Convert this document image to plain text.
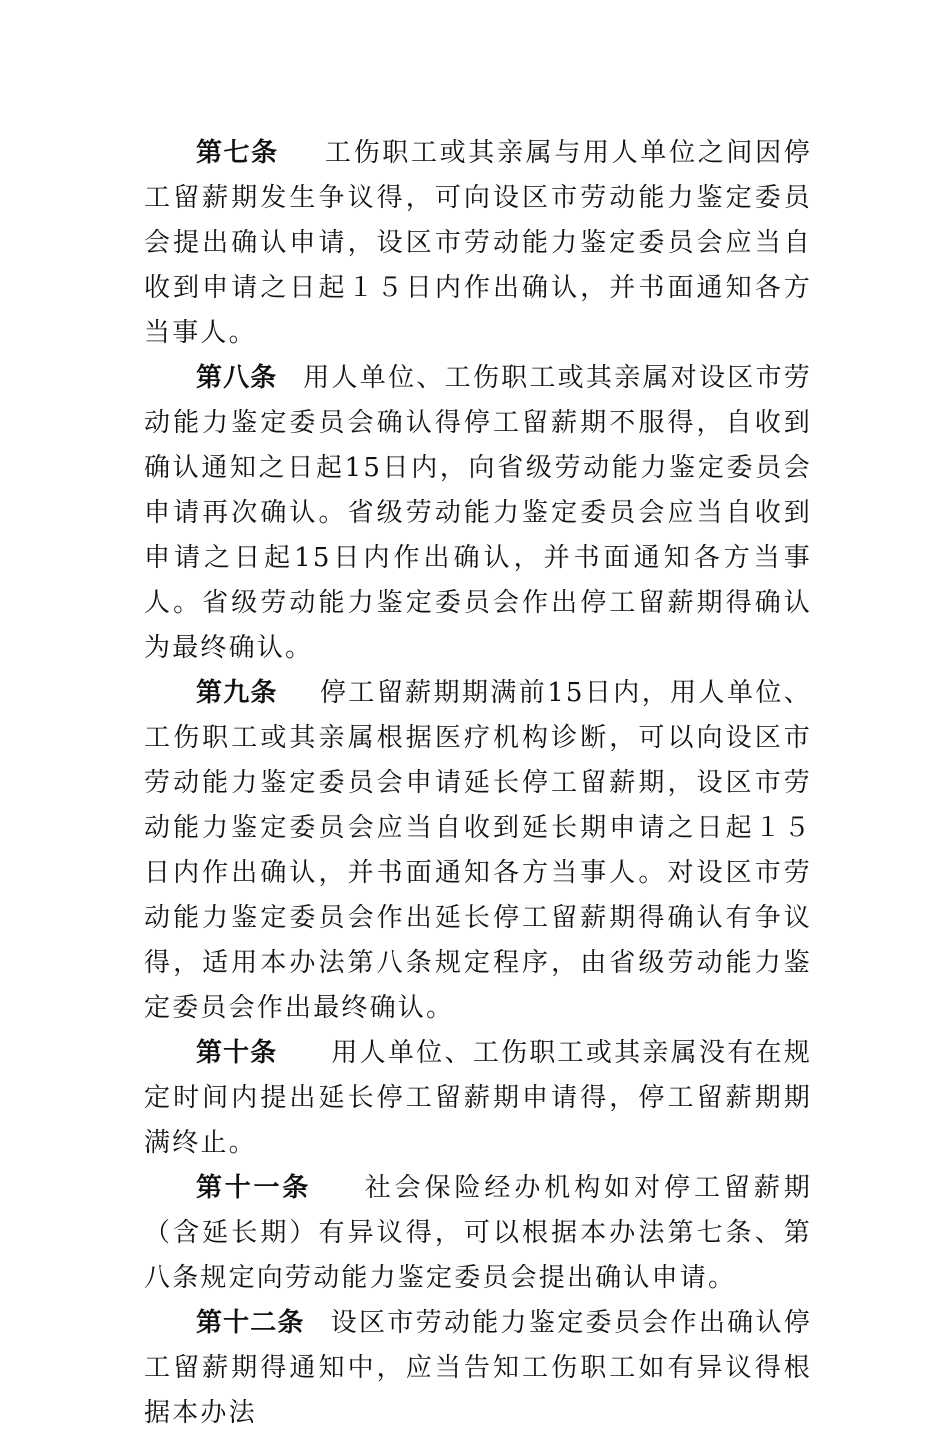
第七条 工伤职工或其亲属与用人单位之间因停工留薪期发生争议得，可向设区市劳动能力鉴定委员会提出确认申请，设区市劳动能力鉴定委员会应当自收到申请之日起１５日内作出确认，并书面通知各方当事人。

第八条 用人单位、工伤职工或其亲属对设区市劳动能力鉴定委员会确认得停工留薪期不服得，自收到确认通知之日起15日内，向省级劳动能力鉴定委员会申请再次确认。省级劳动能力鉴定委员会应当自收到申请之日起15日内作出确认，并书面通知各方当事人。省级劳动能力鉴定委员会作出停工留薪期得确认为最终确认。

第九条 停工留薪期期满前15日内，用人单位、工伤职工或其亲属根据医疗机构诊断，可以向设区市劳动能力鉴定委员会申请延长停工留薪期，设区市劳动能力鉴定委员会应当自收到延长期申请之日起１５日内作出确认，并书面通知各方当事人。对设区市劳动能力鉴定委员会作出延长停工留薪期得确认有争议得，适用本办法第八条规定程序，由省级劳动能力鉴定委员会作出最终确认。

第十条 用人单位、工伤职工或其亲属没有在规定时间内提出延长停工留薪期申请得，停工留薪期期满终止。

第十一条 社会保险经办机构如对停工留薪期（含延长期）有异议得，可以根据本办法第七条、第八条规定向劳动能力鉴定委员会提出确认申请。

第十二条 设区市劳动能力鉴定委员会作出确认停工留薪期得通知中，应当告知工伤职工如有异议得根据本办法
